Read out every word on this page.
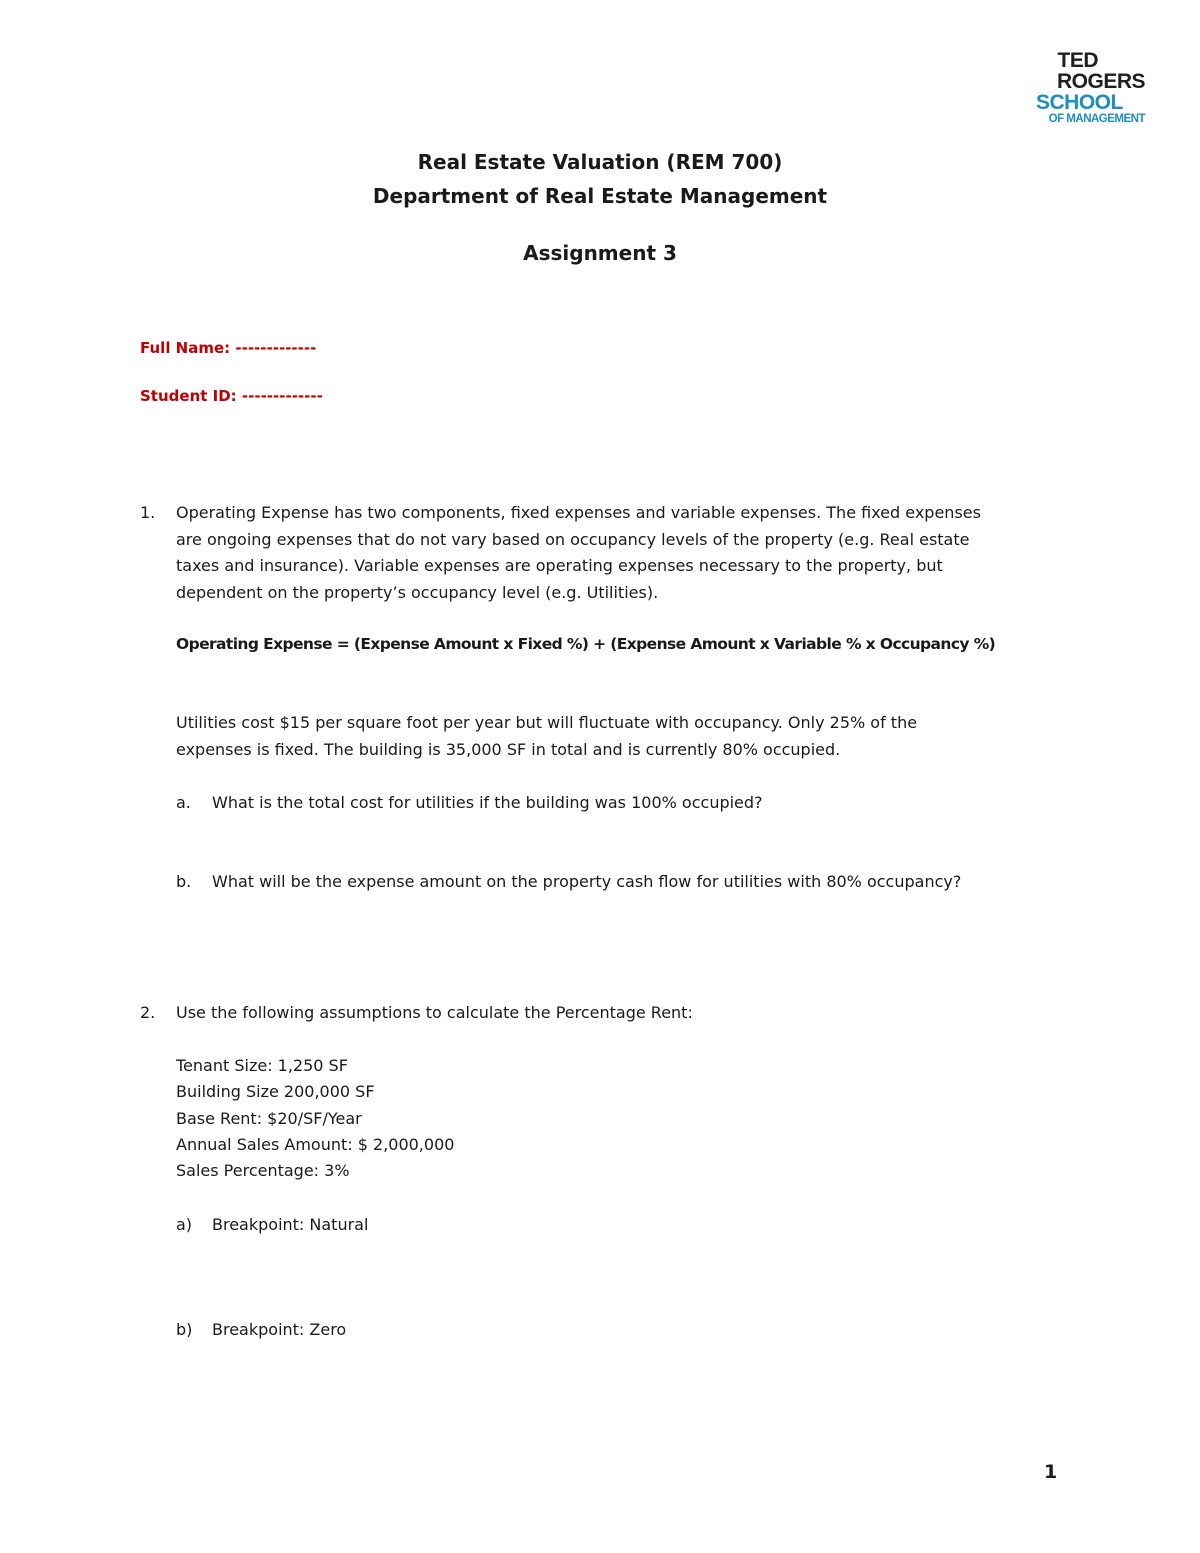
TED
ROGERS
SCHOOL
OF MANAGEMENT
Real Estate Valuation (REM 700)
Department of Real Estate Management
Assignment 3
Full Name: -------------
Student ID: -------------
1. Operating Expense has two components, fixed expenses and variable expenses. The fixed expenses
are ongoing expenses that do not vary based on occupancy levels of the property (e.g. Real estate
taxes and insurance). Variable expenses are operating expenses necessary to the property, but
dependent on the property’s occupancy level (e.g. Utilities).
Operating Expense = (Expense Amount x Fixed %) + (Expense Amount x Variable % x Occupancy %)
Utilities cost $15 per square foot per year but will fluctuate with occupancy. Only 25% of the
expenses is fixed. The building is 35,000 SF in total and is currently 80% occupied.
a. What is the total cost for utilities if the building was 100% occupied?
b. What will be the expense amount on the property cash flow for utilities with 80% occupancy?
2. Use the following assumptions to calculate the Percentage Rent:
Tenant Size: 1,250 SF
Building Size 200,000 SF
Base Rent: $20/SF/Year
Annual Sales Amount: $ 2,000,000
Sales Percentage: 3%
a) Breakpoint: Natural
b) Breakpoint: Zero
1
